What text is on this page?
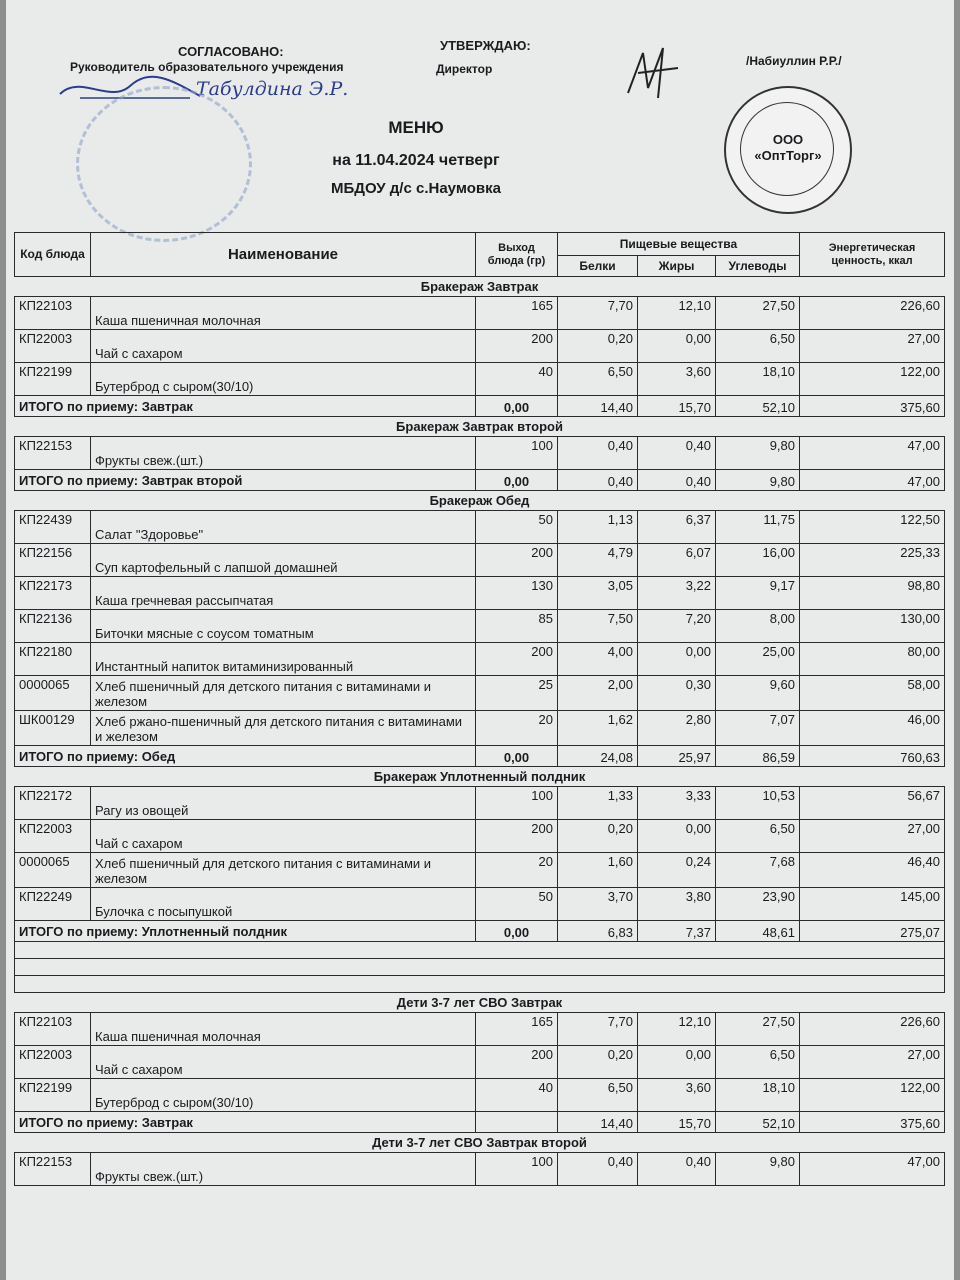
СОГЛАСОВАНО:
Руководитель образовательного учреждения
Табулдина Э.Р.
УТВЕРЖДАЮ:
Директор
/Набиуллин Р.Р./
ООО «ОптТорг»
МЕНЮ
на 11.04.2024 четверг
МБДОУ д/с с.Наумовка
Код блюда	Наименование	Выход блюда (гр)	Пищевые вещества			Энергетическая ценность, ккал
			Белки	Жиры	Углеводы	
Бракераж Завтрак						
КП22103	Каша пшеничная молочная	165	7,70	12,10	27,50	226,60
КП22003	Чай с сахаром	200	0,20	0,00	6,50	27,00
КП22199	Бутерброд с сыром(30/10)	40	6,50	3,60	18,10	122,00
ИТОГО по приему: Завтрак		0,00	14,40	15,70	52,10	375,60
Бракераж Завтрак второй						
КП22153	Фрукты свеж.(шт.)	100	0,40	0,40	9,80	47,00
ИТОГО по приему: Завтрак второй		0,00	0,40	0,40	9,80	47,00
Бракераж Обед						
КП22439	Салат "Здоровье"	50	1,13	6,37	11,75	122,50
КП22156	Суп картофельный с лапшой домашней	200	4,79	6,07	16,00	225,33
КП22173	Каша гречневая рассыпчатая	130	3,05	3,22	9,17	98,80
КП22136	Биточки мясные с соусом томатным	85	7,50	7,20	8,00	130,00
КП22180	Инстантный напиток витаминизированный	200	4,00	0,00	25,00	80,00
0000065	Хлеб пшеничный для детского питания с витаминами и железом	25	2,00	0,30	9,60	58,00
ШК00129	Хлеб ржано-пшеничный для детского питания с витаминами и железом	20	1,62	2,80	7,07	46,00
ИТОГО по приему: Обед		0,00	24,08	25,97	86,59	760,63
Бракераж Уплотненный полдник						
КП22172	Рагу из овощей	100	1,33	3,33	10,53	56,67
КП22003	Чай с сахаром	200	0,20	0,00	6,50	27,00
0000065	Хлеб пшеничный для детского питания с витаминами и железом	20	1,60	0,24	7,68	46,40
КП22249	Булочка с посыпушкой	50	3,70	3,80	23,90	145,00
ИТОГО по приему: Уплотненный полдник		0,00	6,83	7,37	48,61	275,07

Дети 3-7 лет СВО Завтрак						
КП22103	Каша пшеничная молочная	165	7,70	12,10	27,50	226,60
КП22003	Чай с сахаром	200	0,20	0,00	6,50	27,00
КП22199	Бутерброд с сыром(30/10)	40	6,50	3,60	18,10	122,00
ИТОГО по приему: Завтрак			14,40	15,70	52,10	375,60
Дети 3-7 лет СВО Завтрак второй						
КП22153	Фрукты свеж.(шт.)	100	0,40	0,40	9,80	47,00
